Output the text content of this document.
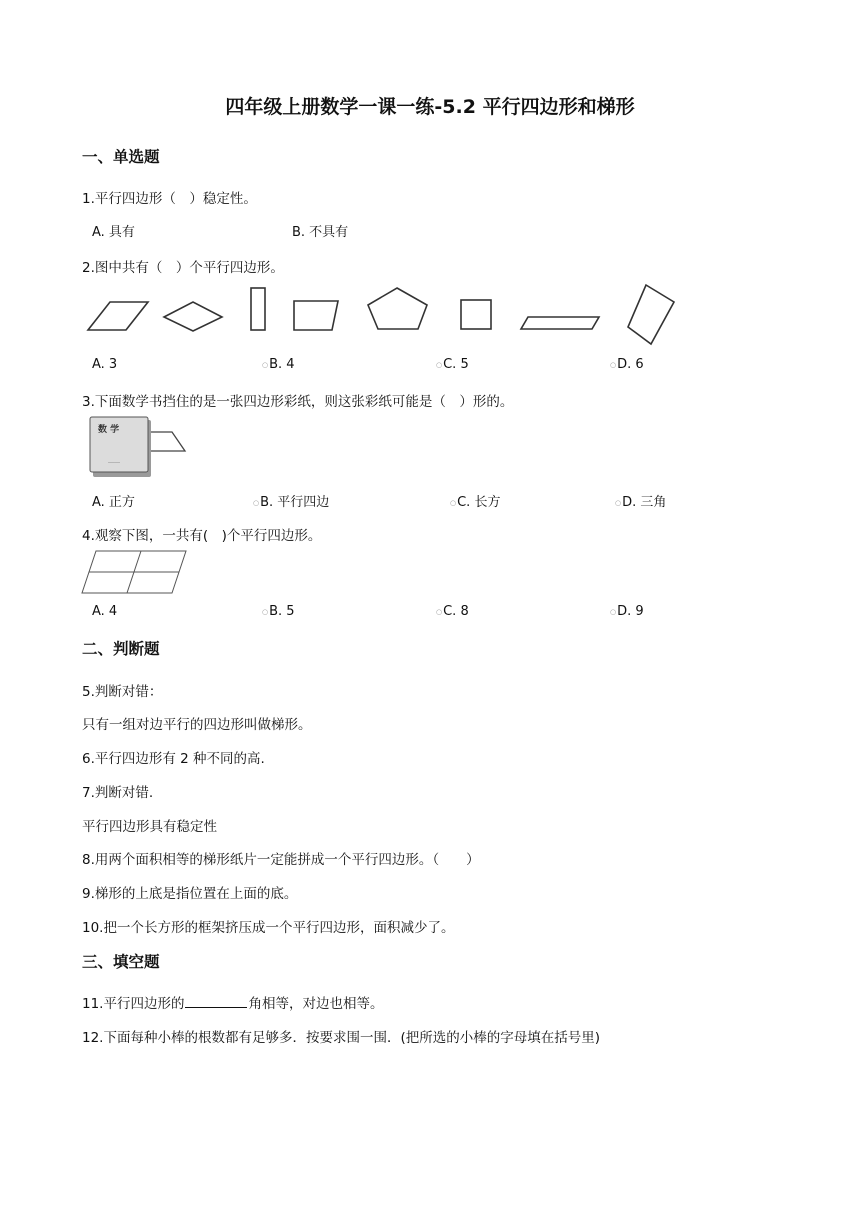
四年级上册数学一课一练-5.2 平行四边形和梯形
一、单选题
1.平行四边形（　）稳定性。
A. 具有	B. 不具有
2.图中共有（　）个平行四边形。
A. 3	○B. 4	○C. 5	○D. 6
3.下面数学书挡住的是一张四边形彩纸，则这张彩纸可能是（　）形的。
数 学
……
A. 正方	○B. 平行四边	○C. 长方	○D. 三角
4.观察下图，一共有(　)个平行四边形。
A. 4	○B. 5	○C. 8	○D. 9
二、判断题
5.判断对错：
只有一组对边平行的四边形叫做梯形。
6.平行四边形有 2 种不同的高.
7.判断对错.
平行四边形具有稳定性
8.用两个面积相等的梯形纸片一定能拼成一个平行四边形。（　　）
9.梯形的上底是指位置在上面的底。
10.把一个长方形的框架挤压成一个平行四边形，面积减少了。
三、填空题
11.平行四边形的	角相等，对边也相等。
12.下面每种小棒的根数都有足够多．按要求围一围．(把所选的小棒的字母填在括号里)
